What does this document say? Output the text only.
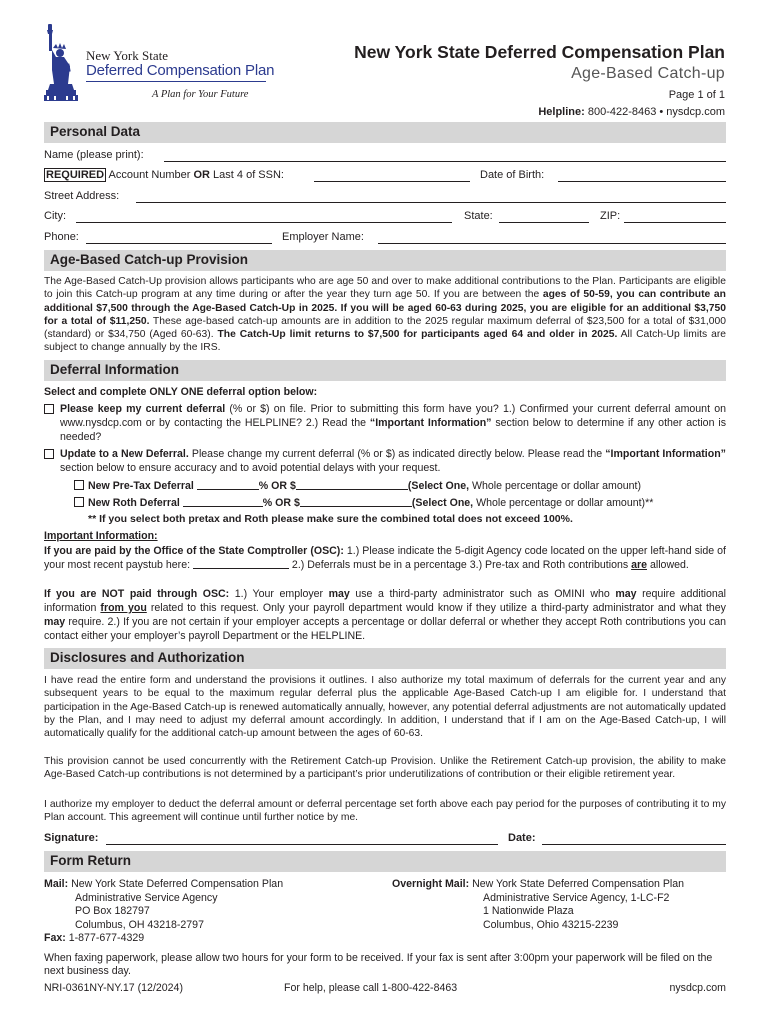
New York State
Deferred Compensation Plan
A Plan for Your Future
New York State Deferred Compensation Plan
Age-Based Catch-up
Page 1 of 1
Helpline: 800-422-8463 • nysdcp.com
Personal Data
Name (please print):
REQUIRED Account Number OR Last 4 of SSN:	Date of Birth:
Street Address:
City:	State:	ZIP:
Phone:	Employer Name:
Age-Based Catch-up Provision
The Age-Based Catch-Up provision allows participants who are age 50 and over to make additional contributions to the Plan. Participants are eligible to join this Catch-up program at any time during or after the year they turn age 50. If you are between the ages of 50-59, you can contribute an additional $7,500 through the Age-Based Catch-Up in 2025. If you will be aged 60-63 during 2025, you are eligible for an additional $3,750 for a total of $11,250. These age-based catch-up amounts are in addition to the 2025 regular maximum deferral of $23,500 for a total of $31,000 (standard) or $34,750 (Aged 60-63). The Catch-Up limit returns to $7,500 for participants aged 64 and older in 2025. All Catch-Up limits are subject to change annually by the IRS.
Deferral Information
Select and complete ONLY ONE deferral option below:
Please keep my current deferral (% or $) on file. Prior to submitting this form have you? 1.) Confirmed your current deferral amount on www.nysdcp.com or by contacting the HELPLINE? 2.) Read the “Important Information” section below to determine if any other action is needed?
Update to a New Deferral. Please change my current deferral (% or $) as indicated directly below. Please read the “Important Information” section below to ensure accuracy and to avoid potential delays with your request.
New Pre-Tax Deferral	% OR $	(Select One, Whole percentage or dollar amount)
New Roth Deferral	% OR $	(Select One, Whole percentage or dollar amount)**
** If you select both pretax and Roth please make sure the combined total does not exceed 100%.
Important Information:
If you are paid by the Office of the State Comptroller (OSC): 1.) Please indicate the 5-digit Agency code located on the upper left-hand side of your most recent paystub here:	2.) Deferrals must be in a percentage 3.) Pre-tax and Roth contributions are allowed.
If you are NOT paid through OSC: 1.) Your employer may use a third-party administrator such as OMINI who may require additional information from you related to this request. Only your payroll department would know if they utilize a third-party administrator and what they may require. 2.) If you are not certain if your employer accepts a percentage or dollar deferral or whether they accept Roth contributions you can contact either your employer’s payroll Department or the HELPLINE.
Disclosures and Authorization
I have read the entire form and understand the provisions it outlines. I also authorize my total maximum of deferrals for the current year and any subsequent years to be equal to the maximum regular deferral plus the applicable Age-Based Catch-up I am eligible for. I understand that participation in the Age-Based Catch-up is renewed automatically annually, however, any potential deferral adjustments are not automatically updated by the Plan, and I may need to adjust my deferral amount accordingly. In addition, I understand that if I am on the Age-Based Catch-up, I will automatically qualify for the additional catch-up amount between the ages of 60-63.
This provision cannot be used concurrently with the Retirement Catch-up Provision. Unlike the Retirement Catch-up provision, the ability to make Age-Based Catch-up contributions is not determined by a participant’s prior underutilizations of contribution or their eligible retirement year.
I authorize my employer to deduct the deferral amount or deferral percentage set forth above each pay period for the purposes of contributing it to my Plan account. This agreement will continue until further notice by me.
Signature:	Date:
Form Return
Mail: New York State Deferred Compensation Plan
Administrative Service Agency
PO Box 182797
Columbus, OH 43218-2797
Fax: 1-877-677-4329
Overnight Mail: New York State Deferred Compensation Plan
Administrative Service Agency, 1-LC-F2
1 Nationwide Plaza
Columbus, Ohio 43215-2239
When faxing paperwork, please allow two hours for your form to be received. If your fax is sent after 3:00pm your paperwork will be filed on the next business day.
NRI-0361NY-NY.17 (12/2024)	For help, please call 1-800-422-8463	nysdcp.com
